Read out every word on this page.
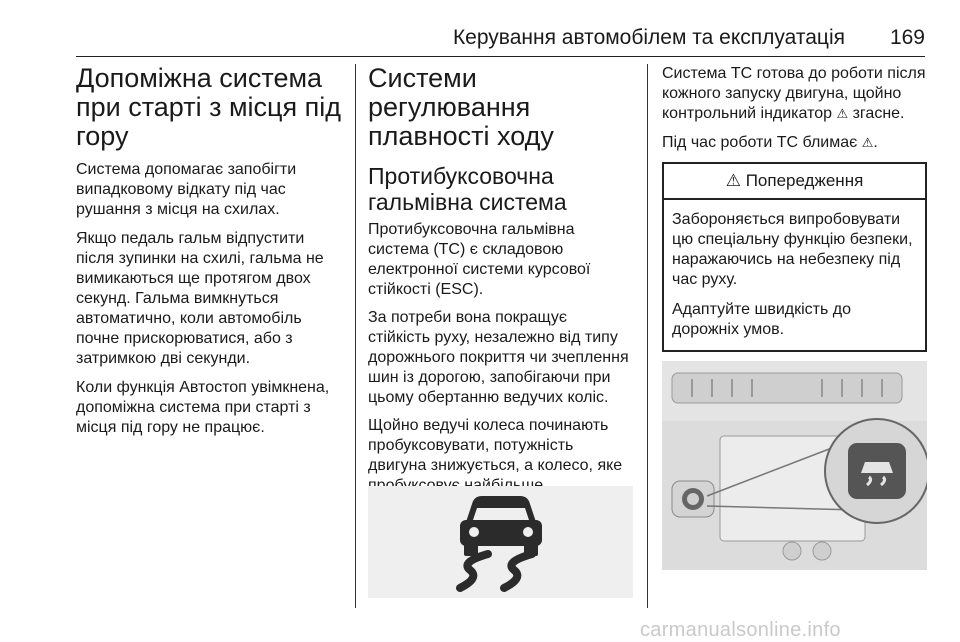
Керування автомобілем та експлуатація 169
Допоміжна система при старті з місця під гору

Система допомагає запобігти випадковому відкату під час рушання з місця на схилах.

Якщо педаль гальм відпустити після зупинки на схилі, гальма не вимикаються ще протягом двох секунд. Гальма вимкнуться автоматично, коли автомобіль почне прискорюватися, або з затримкою дві секунди.

Коли функція Автостоп увімкнена, допоміжна система при старті з місця під гору не працює.

Системи регулювання плавності ходу
Протибуксовочна гальмівна система

Протибуксовочна гальмівна система (TC) є складовою електронної системи курсової стійкості (ESC).

За потреби вона покращує стійкість руху, незалежно від типу дорожнього покриття чи зчеплення шин із дорогою, запобігаючи при цьому обертанню ведучих коліс.

Щойно ведучі колеса починають пробуксовувати, потужність двигуна знижується, а колесо, яке

Система TC готова до роботи після кожного запуску двигуна, щойно контрольний індикатор ⚠ згасне.

Під час роботи TC блимає ⚠.

⚠ Попередження

Забороняється випробовувати цю спеціальну функцію безпеки, наражаючись на небезпеку під час руху.

Адаптуйте швидкість до дорожніх умов.

carmanualsonline.info
